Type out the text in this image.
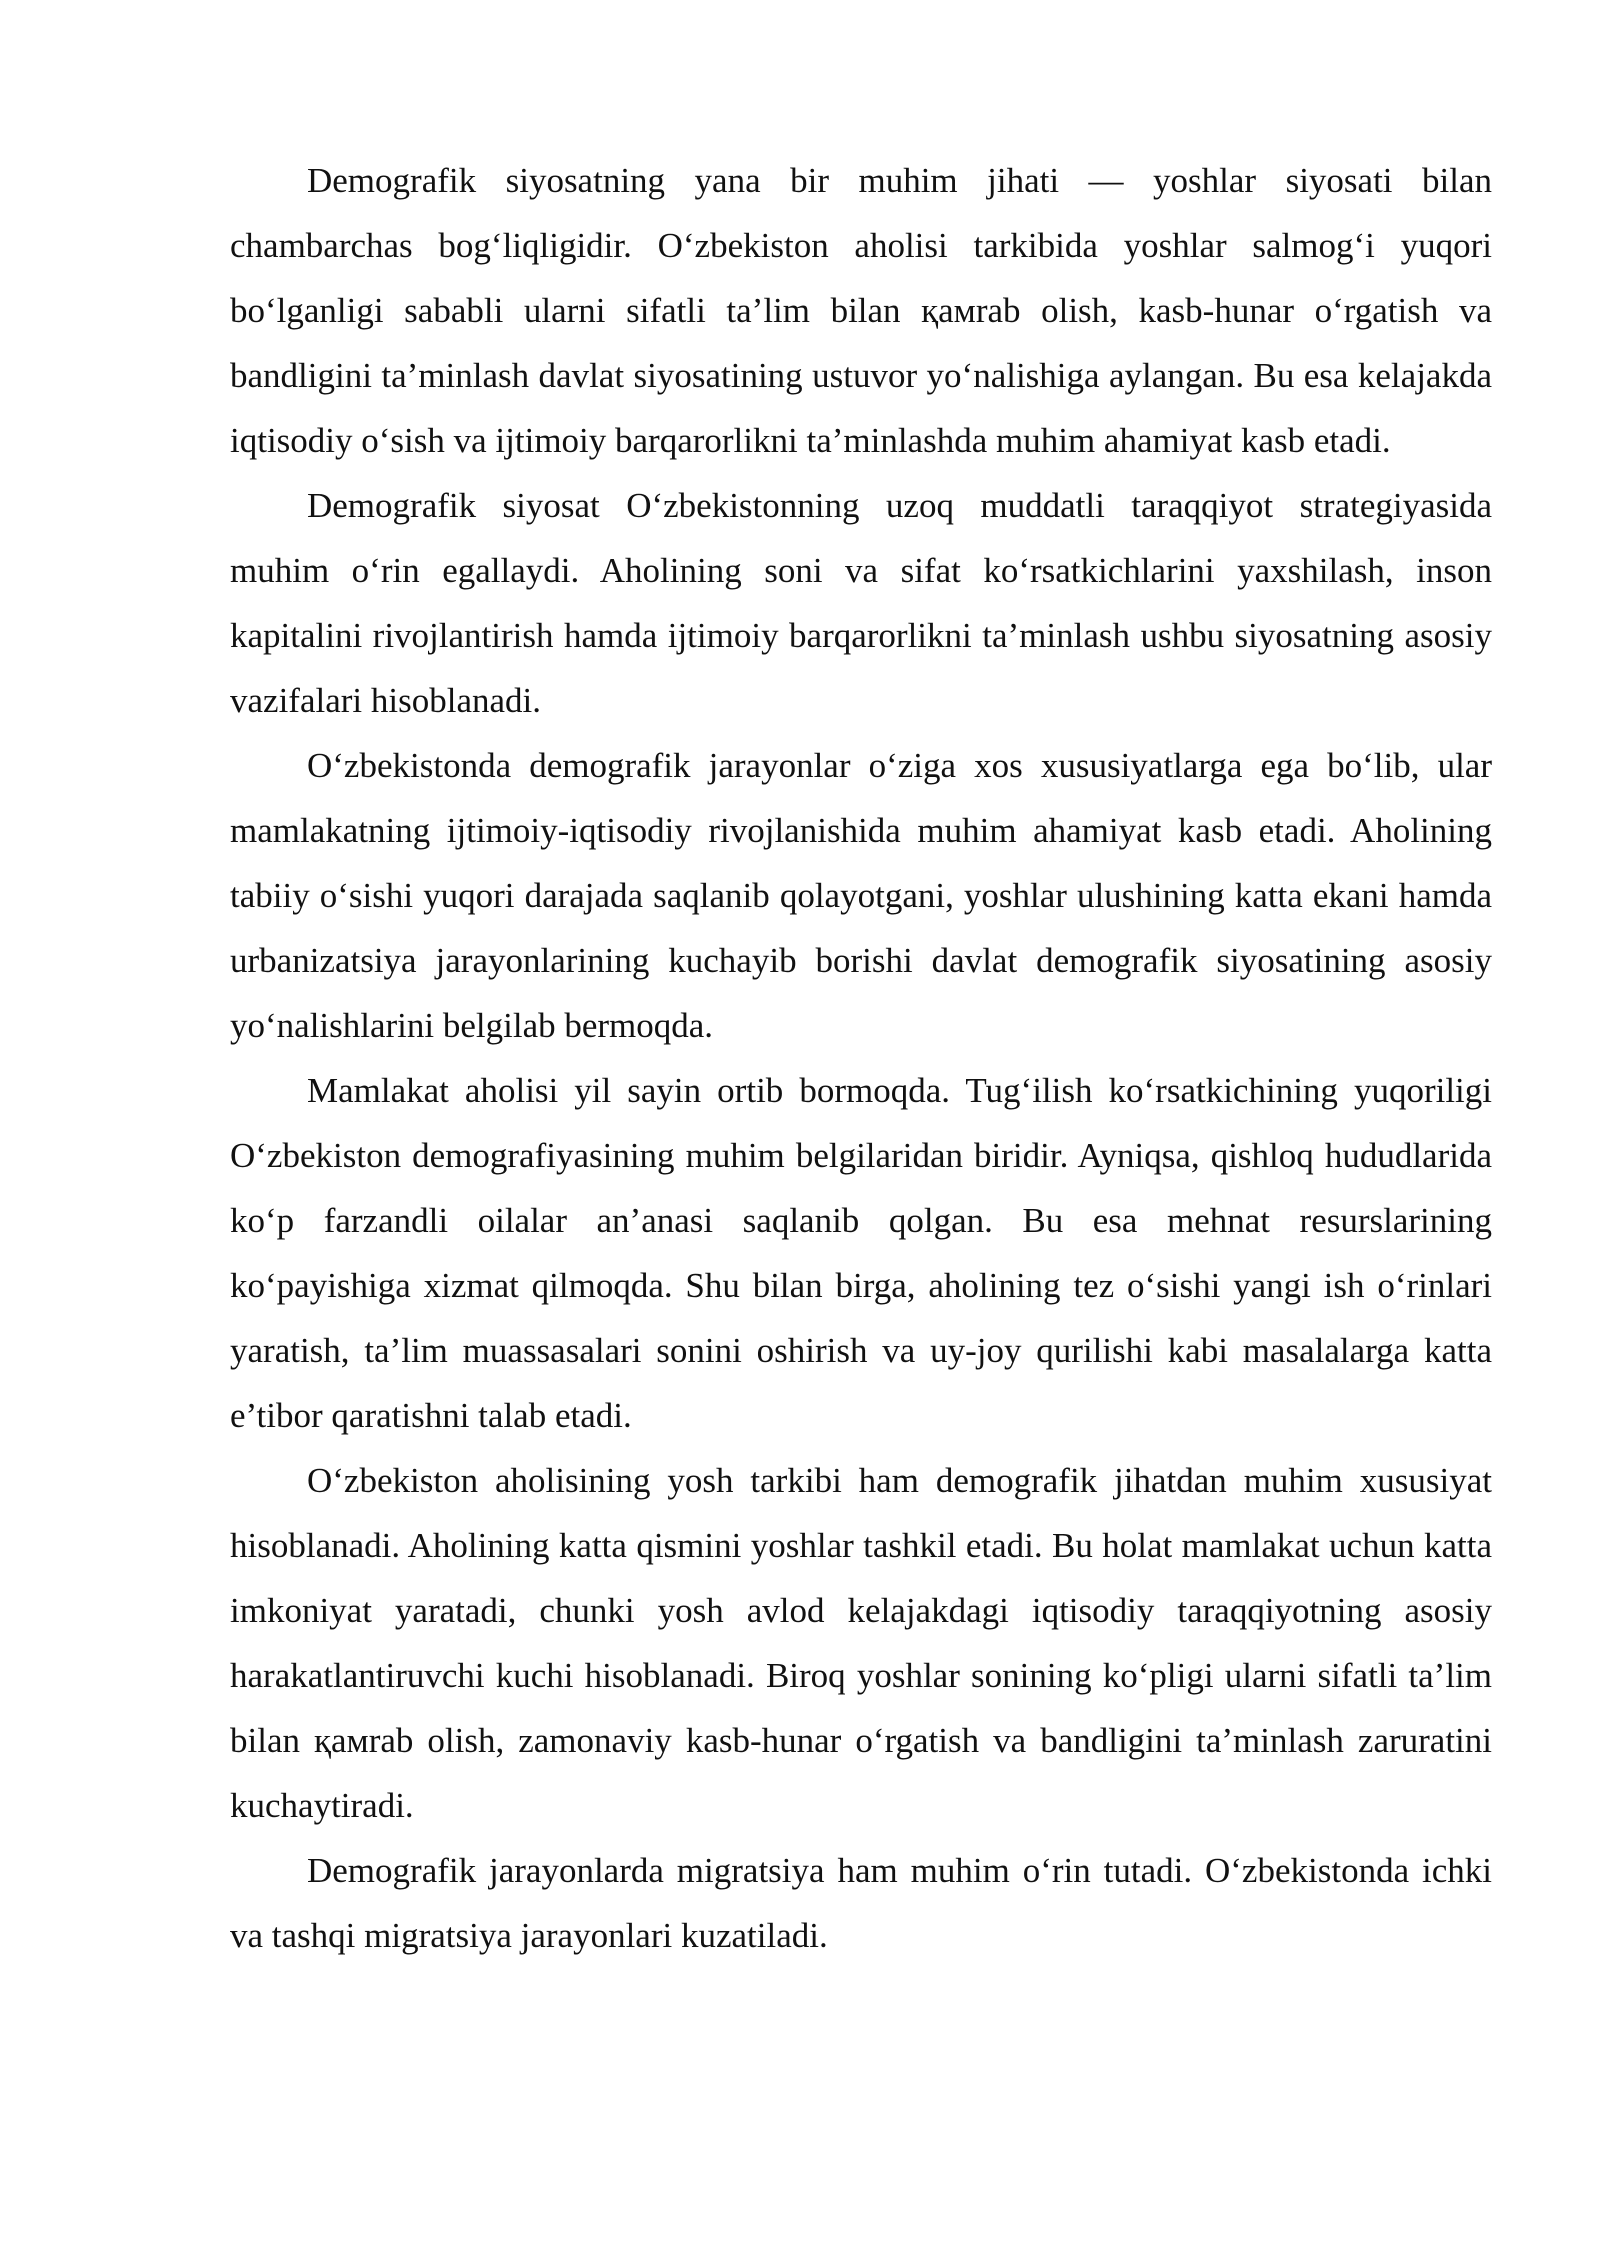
Demografik siyosatning yana bir muhim jihati — yoshlar siyosati bilan chambarchas bog‘liqligidir. O‘zbekiston aholisi tarkibida yoshlar salmog‘i yuqori bo‘lganligi sababli ularni sifatli ta’lim bilan қамrab olish, kasb-hunar o‘rgatish va bandligini ta’minlash davlat siyosatining ustuvor yo‘nalishiga aylangan. Bu esa kelajakda iqtisodiy o‘sish va ijtimoiy barqarorlikni ta’minlashda muhim ahamiyat kasb etadi.

Demografik siyosat O‘zbekistonning uzoq muddatli taraqqiyot strategiyasida muhim o‘rin egallaydi. Aholining soni va sifat ko‘rsatkichlarini yaxshilash, inson kapitalini rivojlantirish hamda ijtimoiy barqarorlikni ta’minlash ushbu siyosatning asosiy vazifalari hisoblanadi.

O‘zbekistonda demografik jarayonlar o‘ziga xos xususiyatlarga ega bo‘lib, ular mamlakatning ijtimoiy-iqtisodiy rivojlanishida muhim ahamiyat kasb etadi. Aholining tabiiy o‘sishi yuqori darajada saqlanib qolayotgani, yoshlar ulushining katta ekani hamda urbanizatsiya jarayonlarining kuchayib borishi davlat demografik siyosatining asosiy yo‘nalishlarini belgilab bermoqda.

Mamlakat aholisi yil sayin ortib bormoqda. Tug‘ilish ko‘rsatkichining yuqoriligi O‘zbekiston demografiyasining muhim belgilaridan biridir. Ayniqsa, qishloq hududlarida ko‘p farzandli oilalar an’anasi saqlanib qolgan. Bu esa mehnat resurslarining ko‘payishiga xizmat qilmoqda. Shu bilan birga, aholining tez o‘sishi yangi ish o‘rinlari yaratish, ta’lim muassasalari sonini oshirish va uy-joy qurilishi kabi masalalarga katta e’tibor qaratishni talab etadi.

O‘zbekiston aholisining yosh tarkibi ham demografik jihatdan muhim xususiyat hisoblanadi. Aholining katta qismini yoshlar tashkil etadi. Bu holat mamlakat uchun katta imkoniyat yaratadi, chunki yosh avlod kelajakdagi iqtisodiy taraqqiyotning asosiy harakatlantiruvchi kuchi hisoblanadi. Biroq yoshlar sonining ko‘pligi ularni sifatli ta’lim bilan қамrab olish, zamonaviy kasb-hunar o‘rgatish va bandligini ta’minlash zaruratini kuchaytiradi.

Demografik jarayonlarda migratsiya ham muhim o‘rin tutadi. O‘zbekistonda ichki va tashqi migratsiya jarayonlari kuzatiladi.
